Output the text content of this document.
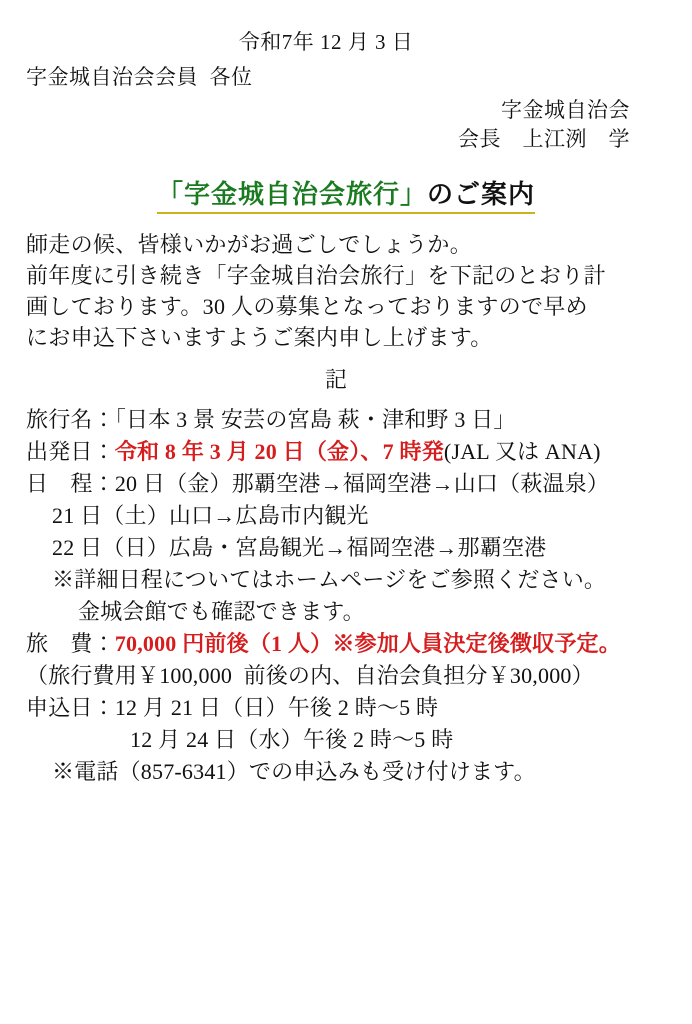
令和7年 12 月 3 日
字金城自治会会員  各位
字金城自治会
会長　上江洌　学
「字金城自治会旅行」のご案内
師走の候、皆様いかがお過ごしでしょうか。
前年度に引き続き「字金城自治会旅行」を下記のとおり計
画しております。30 人の募集となっておりますので早め
にお申込下さいますようご案内申し上げます。
記
旅行名：「日本 3 景 安芸の宮島 萩・津和野 3 日」
出発日：令和 8 年 3 月 20 日（金）、7 時発(JAL 又は ANA)
日　程：20 日（金）那覇空港→福岡空港→山口（萩温泉）
21 日（土）山口→広島市内観光
22 日（日）広島・宮島観光→福岡空港→那覇空港
※詳細日程についてはホームページをご参照ください。
金城会館でも確認できます。
旅　費：70,000 円前後（1 人）※参加人員決定後徴収予定。
（旅行費用￥100,000  前後の内、自治会負担分￥30,000）
申込日：12 月 21 日（日）午後 2 時〜5 時
12 月 24 日（水）午後 2 時〜5 時
※電話（857-6341）での申込みも受け付けます。
